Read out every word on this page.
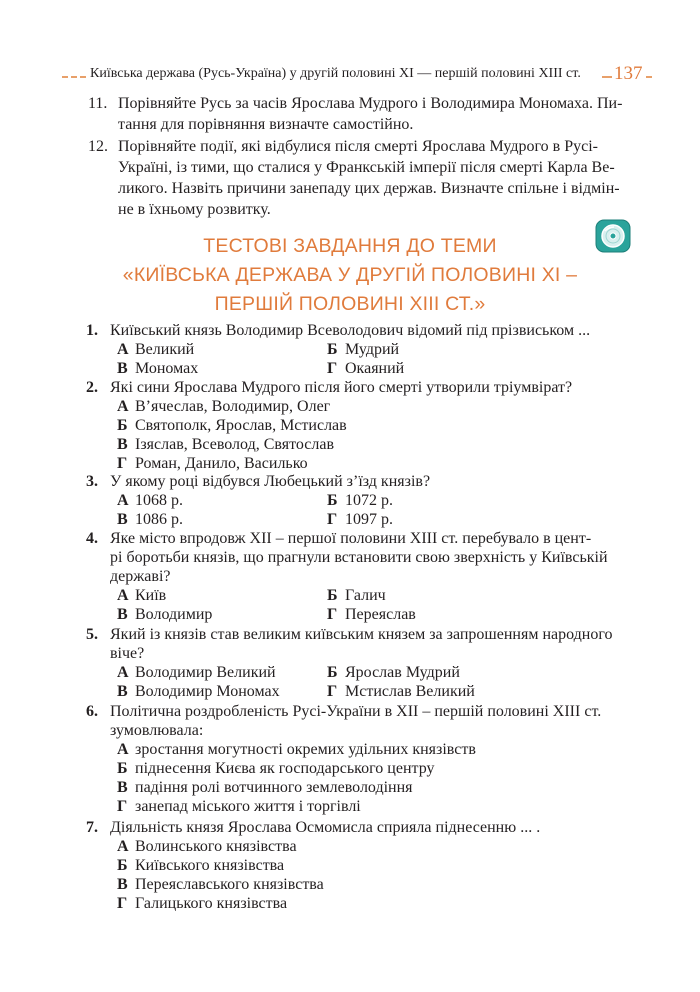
Київська держава (Русь-Україна) у другій половині XI — першій половині XIII ст. 137
11. Порівняйте Русь за часів Ярослава Мудрого і Володимира Мономаха. Пи-
тання для порівняння визначте самостійно.
12. Порівняйте події, які відбулися після смерті Ярослава Мудрого в Русі-
Україні, із тими, що сталися у Франкській імперії після смерті Карла Ве-
ликого. Назвіть причини занепаду цих держав. Визначте спільне і відмін-
не в їхньому розвитку.
ТЕСТОВІ ЗАВДАННЯ ДО ТЕМИ
«КИЇВСЬКА ДЕРЖАВА У ДРУГІЙ ПОЛОВИНІ XI –
ПЕРШІЙ ПОЛОВИНІ XIII СТ.»
1. Київський князь Володимир Всеволодович відомий під прізвиськом ...
А Великий	Б Мудрий
В Мономах	Г Окаяний
2. Які сини Ярослава Мудрого після його смерті утворили тріумвірат?
А В’ячеслав, Володимир, Олег
Б Святополк, Ярослав, Мстислав
В Ізяслав, Всеволод, Святослав
Г Роман, Данило, Василько
3. У якому році відбувся Любецький з’їзд князів?
А 1068 р.	Б 1072 р.
В 1086 р.	Г 1097 р.
4. Яке місто впродовж XII – першої половини XIII ст. перебувало в цент-
рі боротьби князів, що прагнули встановити свою зверхність у Київській
державі?
А Київ	Б Галич
В Володимир	Г Переяслав
5. Який із князів став великим київським князем за запрошенням народного
віче?
А Володимир Великий	Б Ярослав Мудрий
В Володимир Мономах	Г Мстислав Великий
6. Політична роздробленість Русі-України в XII – першій половині XIII ст.
зумовлювала:
А зростання могутності окремих удільних князівств
Б піднесення Києва як господарського центру
В падіння ролі вотчинного землеволодіння
Г занепад міського життя і торгівлі
7. Діяльність князя Ярослава Осмомисла сприяла піднесенню ... .
А Волинського князівства
Б Київського князівства
В Переяславського князівства
Г Галицького князівства
